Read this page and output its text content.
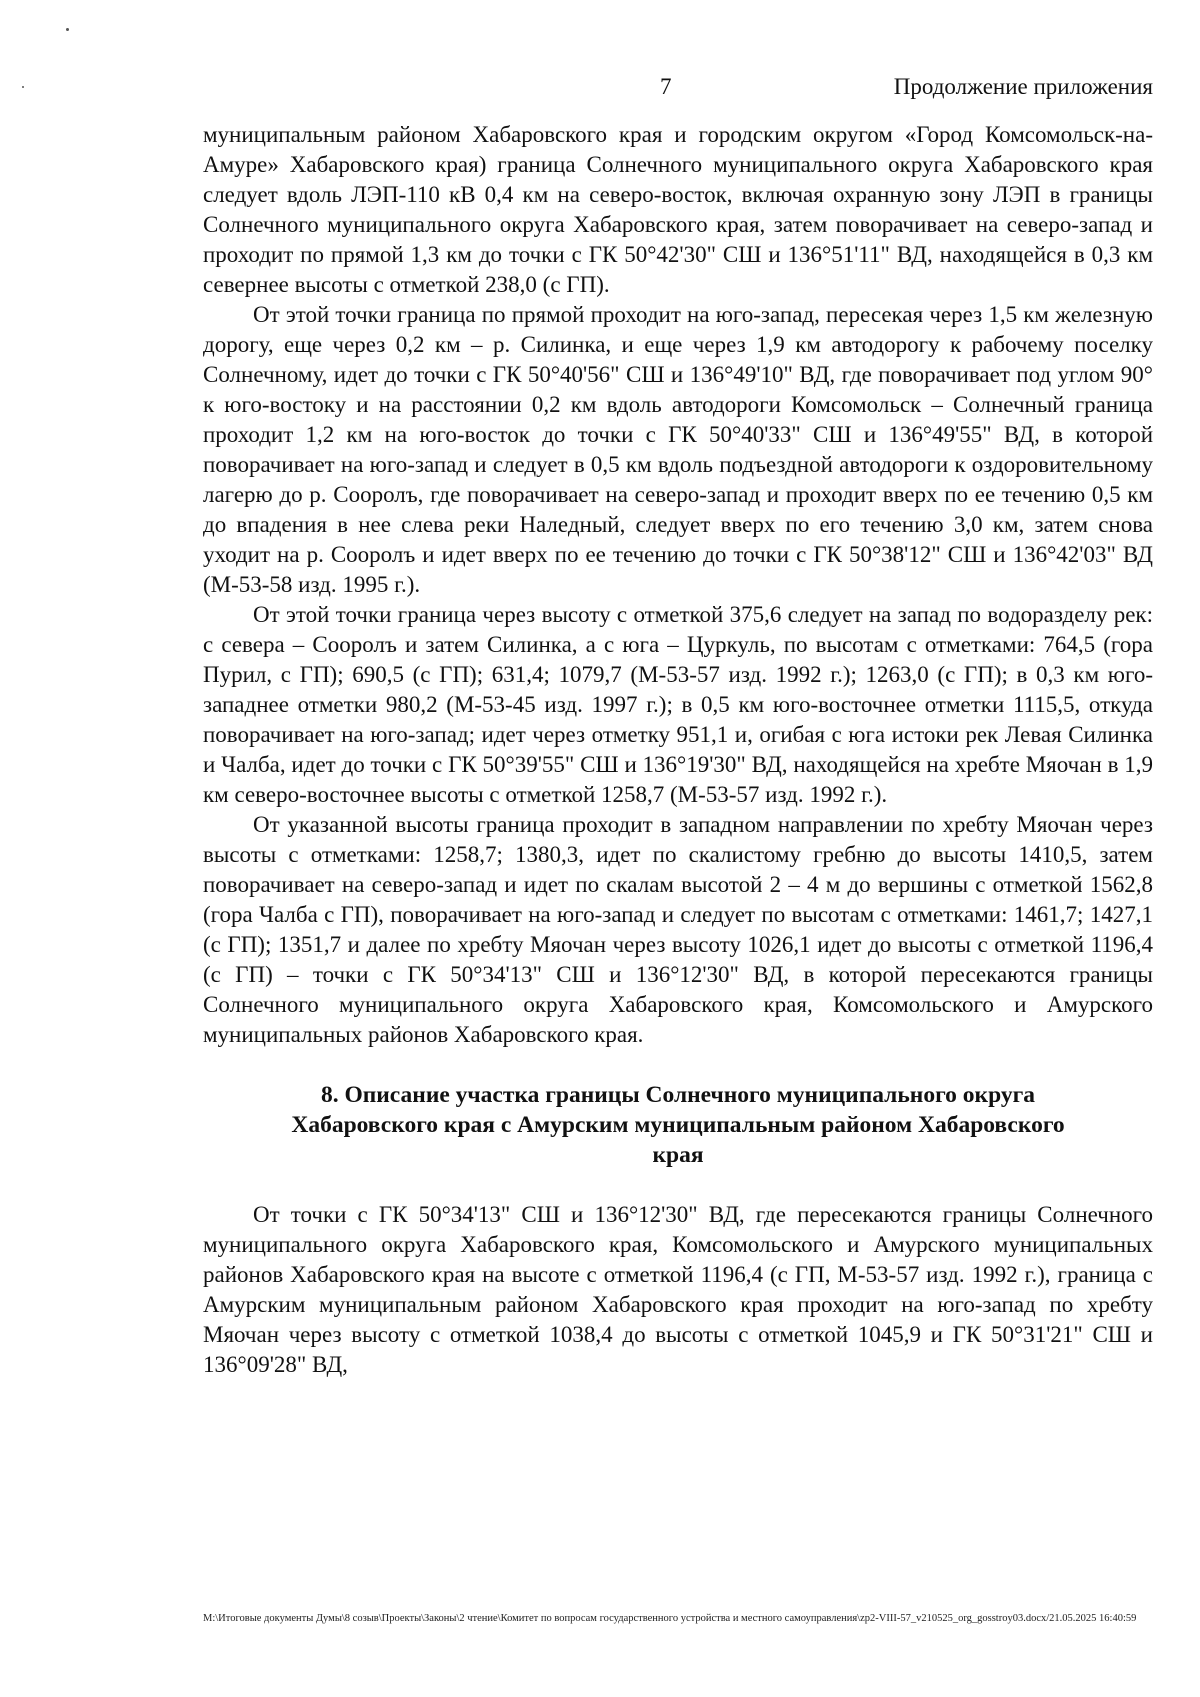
7	Продолжение приложения

муниципальным районом Хабаровского края и городским округом «Город Комсомольск-на-Амуре» Хабаровского края) граница Солнечного муниципального округа Хабаровского края следует вдоль ЛЭП-110 кВ 0,4 км на северо-восток, включая охранную зону ЛЭП в границы Солнечного муниципального округа Хабаровского края, затем поворачивает на северо-запад и проходит по прямой 1,3 км до точки с ГК 50°42'30" СШ и 136°51'11" ВД, находящейся в 0,3 км севернее высоты с отметкой 238,0 (с ГП).

От этой точки граница по прямой проходит на юго-запад, пересекая через 1,5 км железную дорогу, еще через 0,2 км – р. Силинка, и еще через 1,9 км автодорогу к рабочему поселку Солнечному, идет до точки с ГК 50°40'56" СШ и 136°49'10" ВД, где поворачивает под углом 90° к юго-востоку и на расстоянии 0,2 км вдоль автодороги Комсомольск – Солнечный граница проходит 1,2 км на юго-восток до точки с ГК 50°40'33" СШ и 136°49'55" ВД, в которой поворачивает на юго-запад и следует в 0,5 км вдоль подъездной автодороги к оздоровительному лагерю до р. Сооролъ, где поворачивает на северо-запад и проходит вверх по ее течению 0,5 км до впадения в нее слева реки Наледный, следует вверх по его течению 3,0 км, затем снова уходит на р. Сооролъ и идет вверх по ее течению до точки с ГК 50°38'12" СШ и 136°42'03" ВД (М-53-58 изд. 1995 г.).

От этой точки граница через высоту с отметкой 375,6 следует на запад по водоразделу рек: с севера – Сооролъ и затем Силинка, а с юга – Цуркуль, по высотам с отметками: 764,5 (гора Пурил, с ГП); 690,5 (с ГП); 631,4; 1079,7 (М-53-57 изд. 1992 г.); 1263,0 (с ГП); в 0,3 км юго-западнее отметки 980,2 (М-53-45 изд. 1997 г.); в 0,5 км юго-восточнее отметки 1115,5, откуда поворачивает на юго-запад; идет через отметку 951,1 и, огибая с юга истоки рек Левая Силинка и Чалба, идет до точки с ГК 50°39'55" СШ и 136°19'30" ВД, находящейся на хребте Мяочан в 1,9 км северо-восточнее высоты с отметкой 1258,7 (М-53-57 изд. 1992 г.).

От указанной высоты граница проходит в западном направлении по хребту Мяочан через высоты с отметками: 1258,7; 1380,3, идет по скалистому гребню до высоты 1410,5, затем поворачивает на северо-запад и идет по скалам высотой 2 – 4 м до вершины с отметкой 1562,8 (гора Чалба с ГП), поворачивает на юго-запад и следует по высотам с отметками: 1461,7; 1427,1 (с ГП); 1351,7 и далее по хребту Мяочан через высоту 1026,1 идет до высоты с отметкой 1196,4 (с ГП) – точки с ГК 50°34'13" СШ и 136°12'30" ВД, в которой пересекаются границы Солнечного муниципального округа Хабаровского края, Комсомольского и Амурского муниципальных районов Хабаровского края.

8. Описание участка границы Солнечного муниципального округа Хабаровского края с Амурским муниципальным районом Хабаровского края

От точки с ГК 50°34'13" СШ и 136°12'30" ВД, где пересекаются границы Солнечного муниципального округа Хабаровского края, Комсомольского и Амурского муниципальных районов Хабаровского края на высоте с отметкой 1196,4 (с ГП, М-53-57 изд. 1992 г.), граница с Амурским муниципальным районом Хабаровского края проходит на юго-запад по хребту Мяочан через высоту с отметкой 1038,4 до высоты с отметкой 1045,9 и ГК 50°31'21" СШ и 136°09'28" ВД,

M:\Итоговые документы Думы\8 созыв\Проекты\Законы\2 чтение\Комитет по вопросам государственного устройства и местного самоуправления\zp2-VIII-57_v210525_org_gosstroy03.docx/21.05.2025 16:40:59
